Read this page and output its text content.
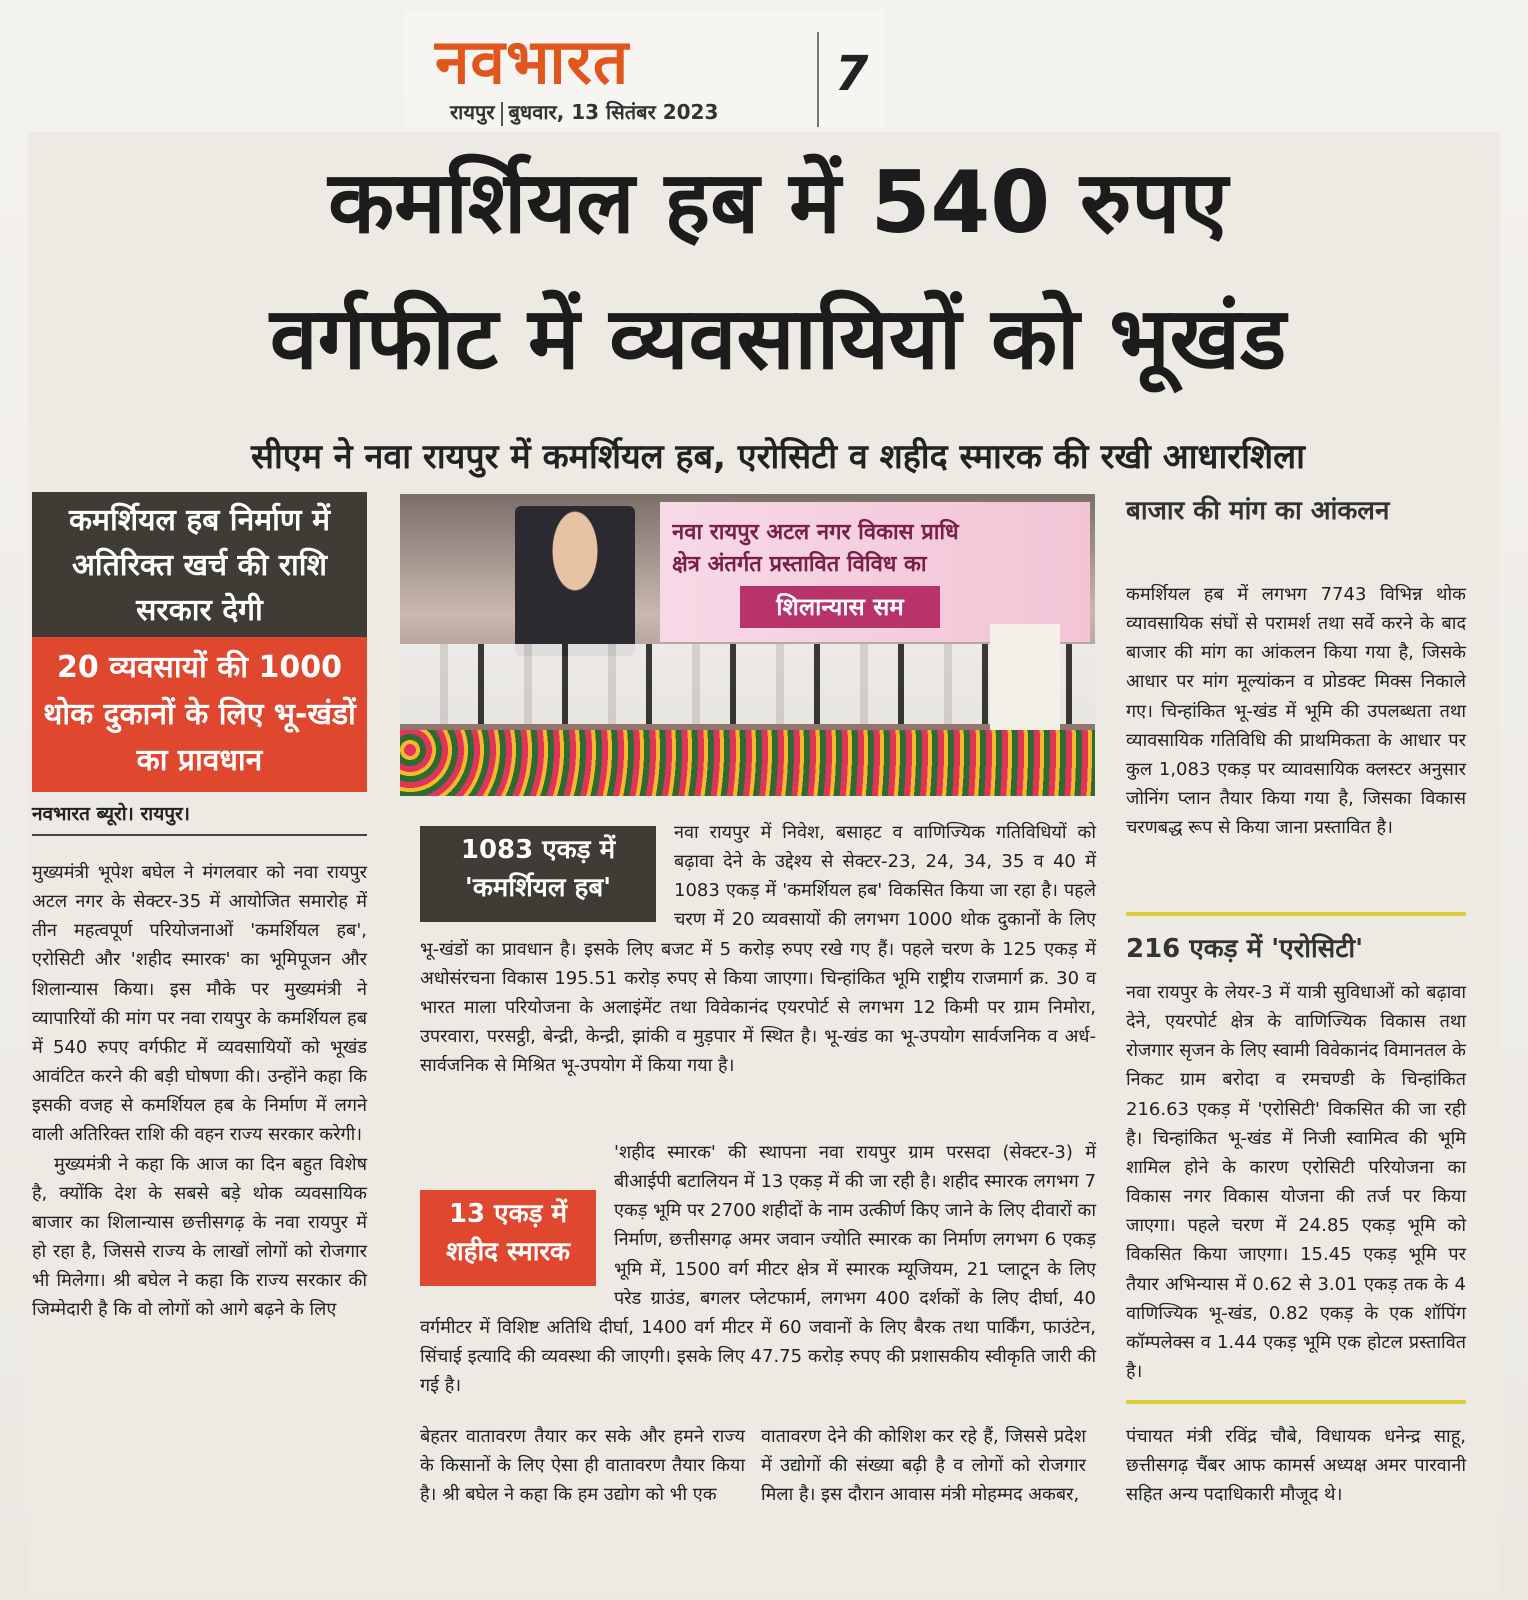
नवभारत
रायपुर बुधवार, 13 सितंबर 2023
7
कमर्शियल हब में 540 रुपए
वर्गफीट में व्यवसायियों को भूखंड
सीएम ने नवा रायपुर में कमर्शियल हब, एरोसिटी व शहीद स्मारक की रखी आधारशिला
कमर्शियल हब निर्माण में अतिरिक्त खर्च की राशि सरकार देगी
20 व्यवसायों की 1000 थोक दुकानों के लिए भू-खंडों का प्रावधान
नवभारत ब्यूरो। रायपुर।

मुख्यमंत्री भूपेश बघेल ने मंगलवार को नवा रायपुर अटल नगर के सेक्टर-35 में आयोजित समारोह में तीन महत्वपूर्ण परियोजनाओं 'कमर्शियल हब', एरोसिटी और 'शहीद स्मारक' का भूमिपूजन और शिलान्यास किया। इस मौके पर मुख्यमंत्री ने व्यापारियों की मांग पर नवा रायपुर के कमर्शियल हब में 540 रुपए वर्गफीट में व्यवसायियों को भूखंड आवंटित करने की बड़ी घोषणा की। उन्होंने कहा कि इसकी वजह से कमर्शियल हब के निर्माण में लगने वाली अतिरिक्त राशि की वहन राज्य सरकार करेगी।

मुख्यमंत्री ने कहा कि आज का दिन बहुत विशेष है, क्योंकि देश के सबसे बड़े थोक व्यवसायिक बाजार का शिलान्यास छत्तीसगढ़ के नवा रायपुर में हो रहा है, जिससे राज्य के लाखों लोगों को रोजगार भी मिलेगा। श्री बघेल ने कहा कि राज्य सरकार की जिम्मेदारी है कि वो लोगों को आगे बढ़ने के लिए

नवा रायपुर अटल नगर विकास प्राधि
क्षेत्र अंतर्गत प्रस्तावित विविध का
शिलान्यास सम
1083 एकड़ में 'कमर्शियल हब'
नवा रायपुर में निवेश, बसाहट व वाणिज्यिक गतिविधियों को बढ़ावा देने के उद्देश्य से सेक्टर-23, 24, 34, 35 व 40 में 1083 एकड़ में 'कमर्शियल हब' विकसित किया जा रहा है। पहले चरण में 20 व्यवसायों की लगभग 1000 थोक दुकानों के लिए भू-खंडों का प्रावधान है। इसके लिए बजट में 5 करोड़ रुपए रखे गए हैं। पहले चरण के 125 एकड़ में अधोसंरचना विकास 195.51 करोड़ रुपए से किया जाएगा। चिन्हांकित भूमि राष्ट्रीय राजमार्ग क्र. 30 व भारत माला परियोजना के अलाइंमेंट तथा विवेकानंद एयरपोर्ट से लगभग 12 किमी पर ग्राम निमोरा, उपरवारा, परसट्ठी, बेन्द्री, केन्द्री, झांकी व मुड़पार में स्थित है। भू-खंड का भू-उपयोग सार्वजनिक व अर्ध- सार्वजनिक से मिश्रित भू-उपयोग में किया गया है।
13 एकड़ में शहीद स्मारक
'शहीद स्मारक' की स्थापना नवा रायपुर ग्राम परसदा (सेक्टर-3) में बीआईपी बटालियन में 13 एकड़ में की जा रही है। शहीद स्मारक लगभग 7 एकड़ भूमि पर 2700 शहीदों के नाम उत्कीर्ण किए जाने के लिए दीवारों का निर्माण, छत्तीसगढ़ अमर जवान ज्योति स्मारक का निर्माण लगभग 6 एकड़ भूमि में, 1500 वर्ग मीटर क्षेत्र में स्मारक म्यूजियम, 21 प्लाटून के लिए परेड ग्राउंड, बगलर प्लेटफार्म, लगभग 400 दर्शकों के लिए दीर्घा, 40 वर्गमीटर में विशिष्ट अतिथि दीर्घा, 1400 वर्ग मीटर में 60 जवानों के लिए बैरक तथा पार्किंग, फाउंटेन, सिंचाई इत्यादि की व्यवस्था की जाएगी। इसके लिए 47.75 करोड़ रुपए की प्रशासकीय स्वीकृति जारी की गई है।
बेहतर वातावरण तैयार कर सके और हमने राज्य के किसानों के लिए ऐसा ही वातावरण तैयार किया है। श्री बघेल ने कहा कि हम उद्योग को भी एक
वातावरण देने की कोशिश कर रहे हैं, जिससे प्रदेश में उद्योगों की संख्या बढ़ी है व लोगों को रोजगार मिला है। इस दौरान आवास मंत्री मोहम्मद अकबर,
बाजार की मांग का आंकलन
कमर्शियल हब में लगभग 7743 विभिन्न थोक व्यावसायिक संघों से परामर्श तथा सर्वे करने के बाद बाजार की मांग का आंकलन किया गया है, जिसके आधार पर मांग मूल्यांकन व प्रोडक्ट मिक्स निकाले गए। चिन्हांकित भू-खंड में भूमि की उपलब्धता तथा व्यावसायिक गतिविधि की प्राथमिकता के आधार पर कुल 1,083 एकड़ पर व्यावसायिक क्लस्टर अनुसार जोनिंग प्लान तैयार किया गया है, जिसका विकास चरणबद्ध रूप से किया जाना प्रस्तावित है।
216 एकड़ में 'एरोसिटी'
नवा रायपुर के लेयर-3 में यात्री सुविधाओं को बढ़ावा देने, एयरपोर्ट क्षेत्र के वाणिज्यिक विकास तथा रोजगार सृजन के लिए स्वामी विवेकानंद विमानतल के निकट ग्राम बरोदा व रमचण्डी के चिन्हांकित 216.63 एकड़ में 'एरोसिटी' विकसित की जा रही है। चिन्हांकित भू-खंड में निजी स्वामित्व की भूमि शामिल होने के कारण एरोसिटी परियोजना का विकास नगर विकास योजना की तर्ज पर किया जाएगा। पहले चरण में 24.85 एकड़ भूमि को विकसित किया जाएगा। 15.45 एकड़ भूमि पर तैयार अभिन्यास में 0.62 से 3.01 एकड़ तक के 4 वाणिज्यिक भू-खंड, 0.82 एकड़ के एक शॉपिंग कॉम्पलेक्स व 1.44 एकड़ भूमि एक होटल प्रस्तावित है।
पंचायत मंत्री रविंद्र चौबे, विधायक धनेन्द्र साहू, छत्तीसगढ़ चैंबर आफ कामर्स अध्यक्ष अमर पारवानी सहित अन्य पदाधिकारी मौजूद थे।
